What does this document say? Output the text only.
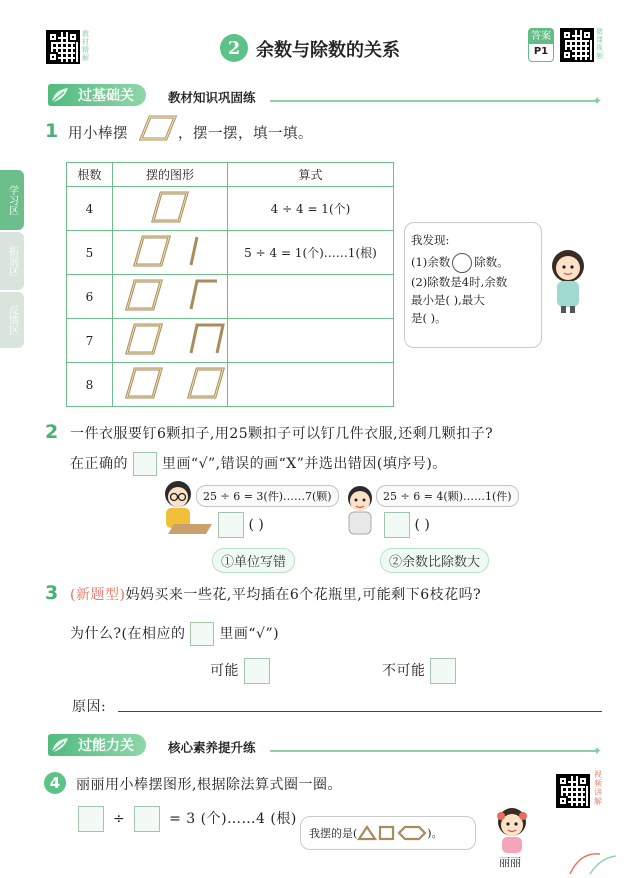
教材精解	2 余数与除数的关系
答案
P1
微课视频
学习区
拓展区
反馈区
过基础关	教材知识巩固练	✦
1 用小棒摆	，摆一摆，填一填。
根数	摆的图形	算式
4		4 ÷ 4 = 1(个)
5		5 ÷ 4 = 1(个)……1(根)
6		
7		
8		
我发现:
(1)余数 除数。
(2)除数是4时,余数
最小是( ),最大
是( )。
2 一件衣服要钉6颗扣子,用25颗扣子可以钉几件衣服,还剩几颗扣子?
在正确的 里画“√”,错误的画“X”并选出错因(填序号)。
25 ÷ 6 = 3(件)……7(颗)
( )
25 ÷ 6 = 4(颗)……1(件)
( )
①单位写错	②余数比除数大
3 (新题型)妈妈买来一些花,平均插在6个花瓶里,可能剩下6枝花吗?
为什么?(在相应的 里画“√”)
可能	不可能
原因:
过能力关	核心素养提升练	✦
4	丽丽用小棒摆图形,根据除法算式圈一圈。
视频讲解
÷	= 3 (个)……4 (根)
我摆的是(	)。
丽丽
